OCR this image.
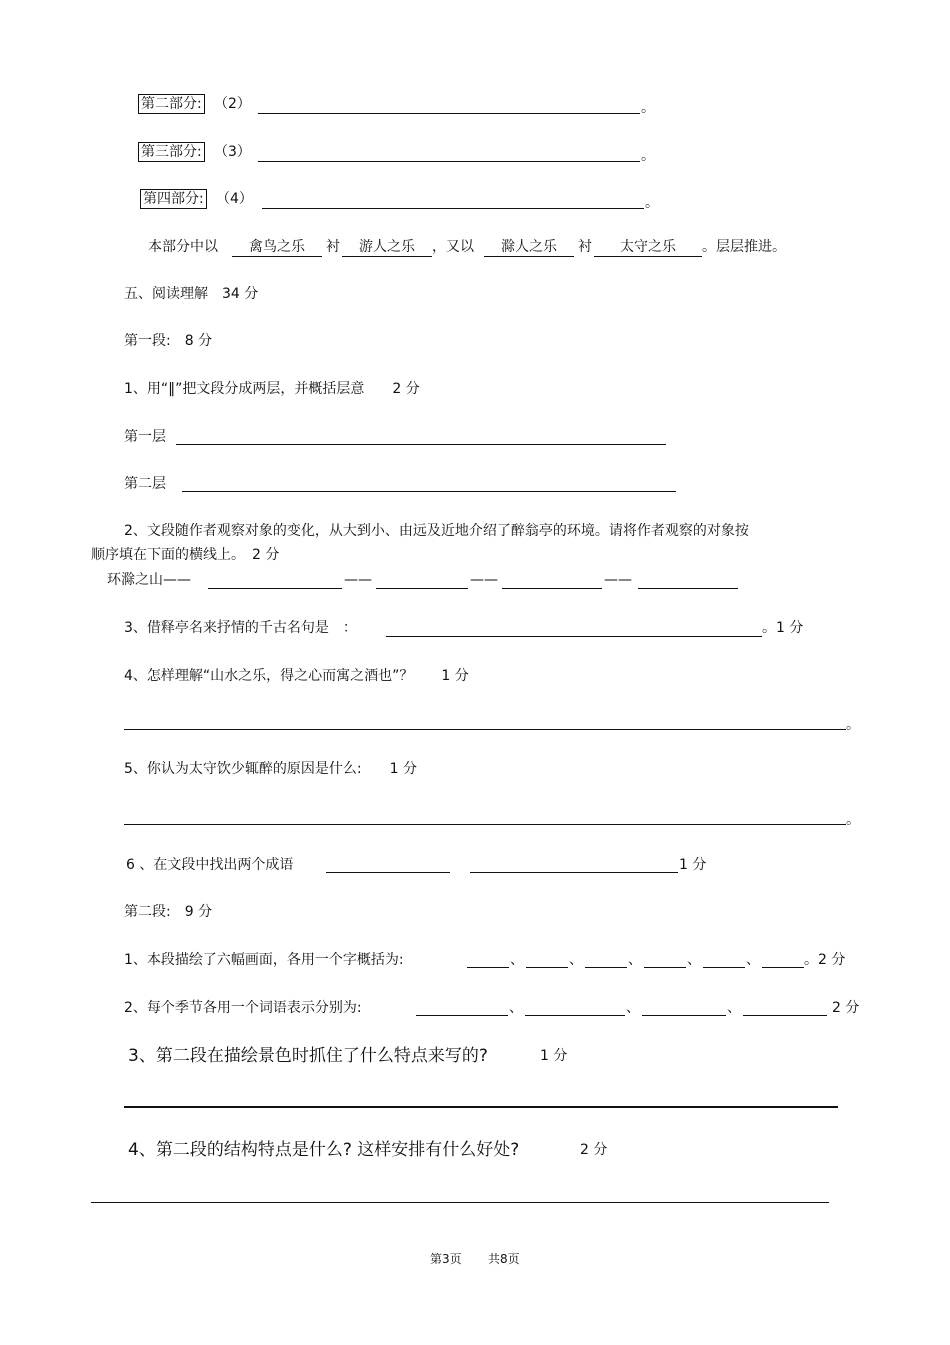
第二部分: （2）	。
第三部分: （3）	。
第四部分: （4）	。
本部分中以	禽鸟之乐	衬	游人之乐	，又以	滁人之乐	衬	太守之乐	。层层推进。
五、阅读理解　34 分
第一段:　8 分
1、用“‖”把文段分成两层，并概括层意　　2 分
第一层
第二层
2、文段随作者观察对象的变化，从大到小、由远及近地介绍了醉翁亭的环境。请将作者观察的对象按
顺序填在下面的横线上。　2 分
环滁之山——	——	——	——
3、借释亭名来抒情的千古名句是　：	。1 分
4、怎样理解“山水之乐，得之心而寓之酒也”？　　1 分
。
5、你认为太守饮少辄醉的原因是什么:　　1 分
。
6 、在文段中找出两个成语	1 分
第二段:　9 分
1、本段描绘了六幅画面，各用一个字概括为:	、	、	、	、	、	。2 分
2、每个季节各用一个词语表示分别为:	、	、	、	2 分
3、第二段在描绘景色时抓住了什么特点来写的?	1 分
4、第二段的结构特点是什么? 这样安排有什么好处?	2 分
第3页 共8页
